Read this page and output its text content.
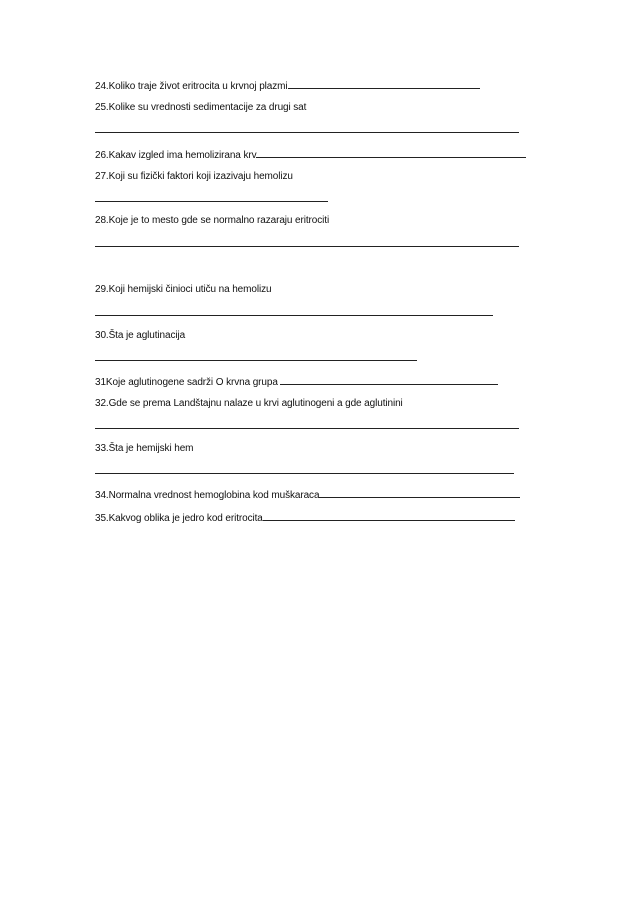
24.Koliko traje život eritrocita u krvnoj plazmi
25.Kolike su vrednosti sedimentacije za drugi sat
26.Kakav izgled ima hemolizirana krv
27.Koji su fizički faktori koji izazivaju hemolizu
28.Koje je to mesto gde se normalno razaraju eritrociti
29.Koji hemijski činioci utiču na hemolizu
30.Šta je aglutinacija
31Koje aglutinogene sadrži O krvna grupa
32.Gde se prema Landštajnu nalaze u krvi aglutinogeni a gde aglutinini
33.Šta je hemijski hem
34.Normalna vrednost hemoglobina kod muškaraca
35.Kakvog oblika je jedro kod eritrocita
